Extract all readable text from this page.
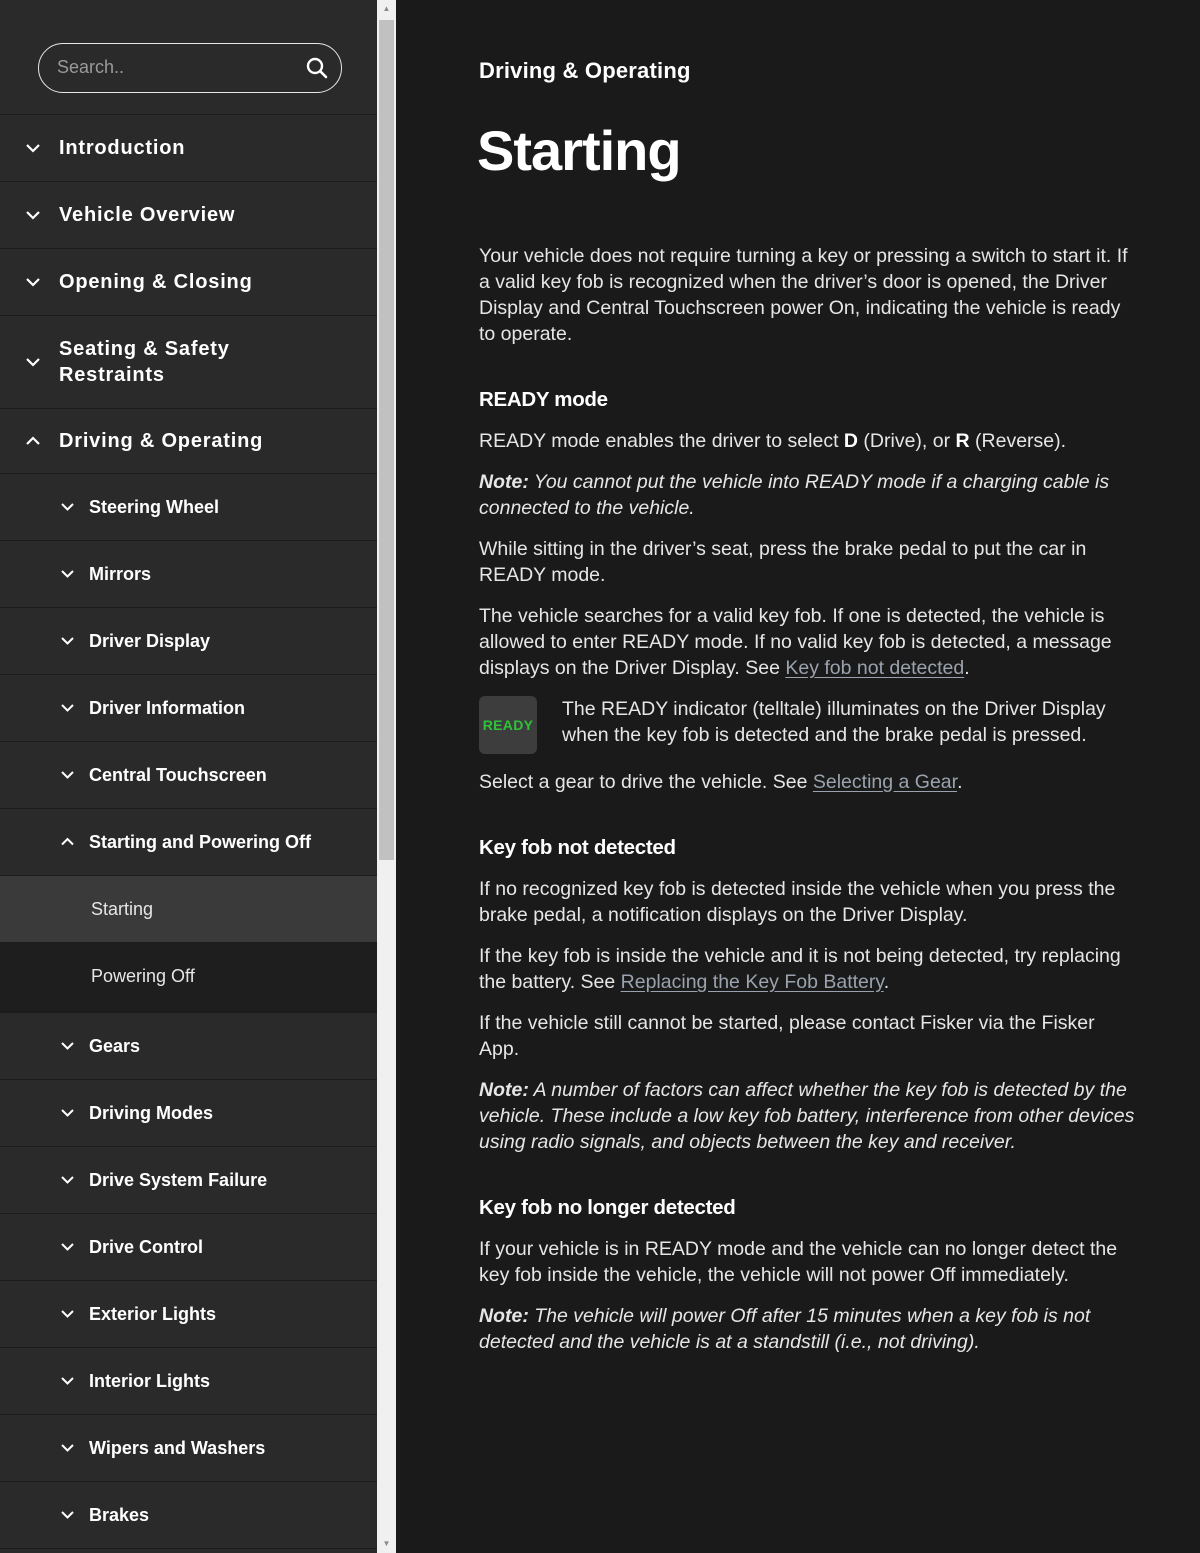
Search..
Introduction
Vehicle Overview
Opening & Closing
Seating & Safety Restraints
Driving & Operating
Steering Wheel
Mirrors
Driver Display
Driver Information
Central Touchscreen
Starting and Powering Off
Starting
Powering Off
Gears
Driving Modes
Drive System Failure
Drive Control
Exterior Lights
Interior Lights
Wipers and Washers
Brakes
▲
▼
Driving & Operating
Starting

Your vehicle does not require turning a key or pressing a switch to start it. If a valid key fob is recognized when the driver’s door is opened, the Driver Display and Central Touchscreen power On, indicating the vehicle is ready to operate.

READY mode

READY mode enables the driver to select D (Drive), or R (Reverse).

Note: You cannot put the vehicle into READY mode if a charging cable is connected to the vehicle.

While sitting in the driver’s seat, press the brake pedal to put the car in READY mode.

The vehicle searches for a valid key fob. If one is detected, the vehicle is allowed to enter READY mode. If no valid key fob is detected, a message displays on the Driver Display. See Key fob not detected.

READY

The READY indicator (telltale) illuminates on the Driver Display when the key fob is detected and the brake pedal is pressed.

Select a gear to drive the vehicle. See Selecting a Gear.

Key fob not detected

If no recognized key fob is detected inside the vehicle when you press the brake pedal, a notification displays on the Driver Display.

If the key fob is inside the vehicle and it is not being detected, try replacing the battery. See Replacing the Key Fob Battery.

If the vehicle still cannot be started, please contact Fisker via the Fisker App.

Note: A number of factors can affect whether the key fob is detected by the vehicle. These include a low key fob battery, interference from other devices using radio signals, and objects between the key and receiver.

Key fob no longer detected

If your vehicle is in READY mode and the vehicle can no longer detect the key fob inside the vehicle, the vehicle will not power Off immediately.

Note: The vehicle will power Off after 15 minutes when a key fob is not detected and the vehicle is at a standstill (i.e., not driving).
